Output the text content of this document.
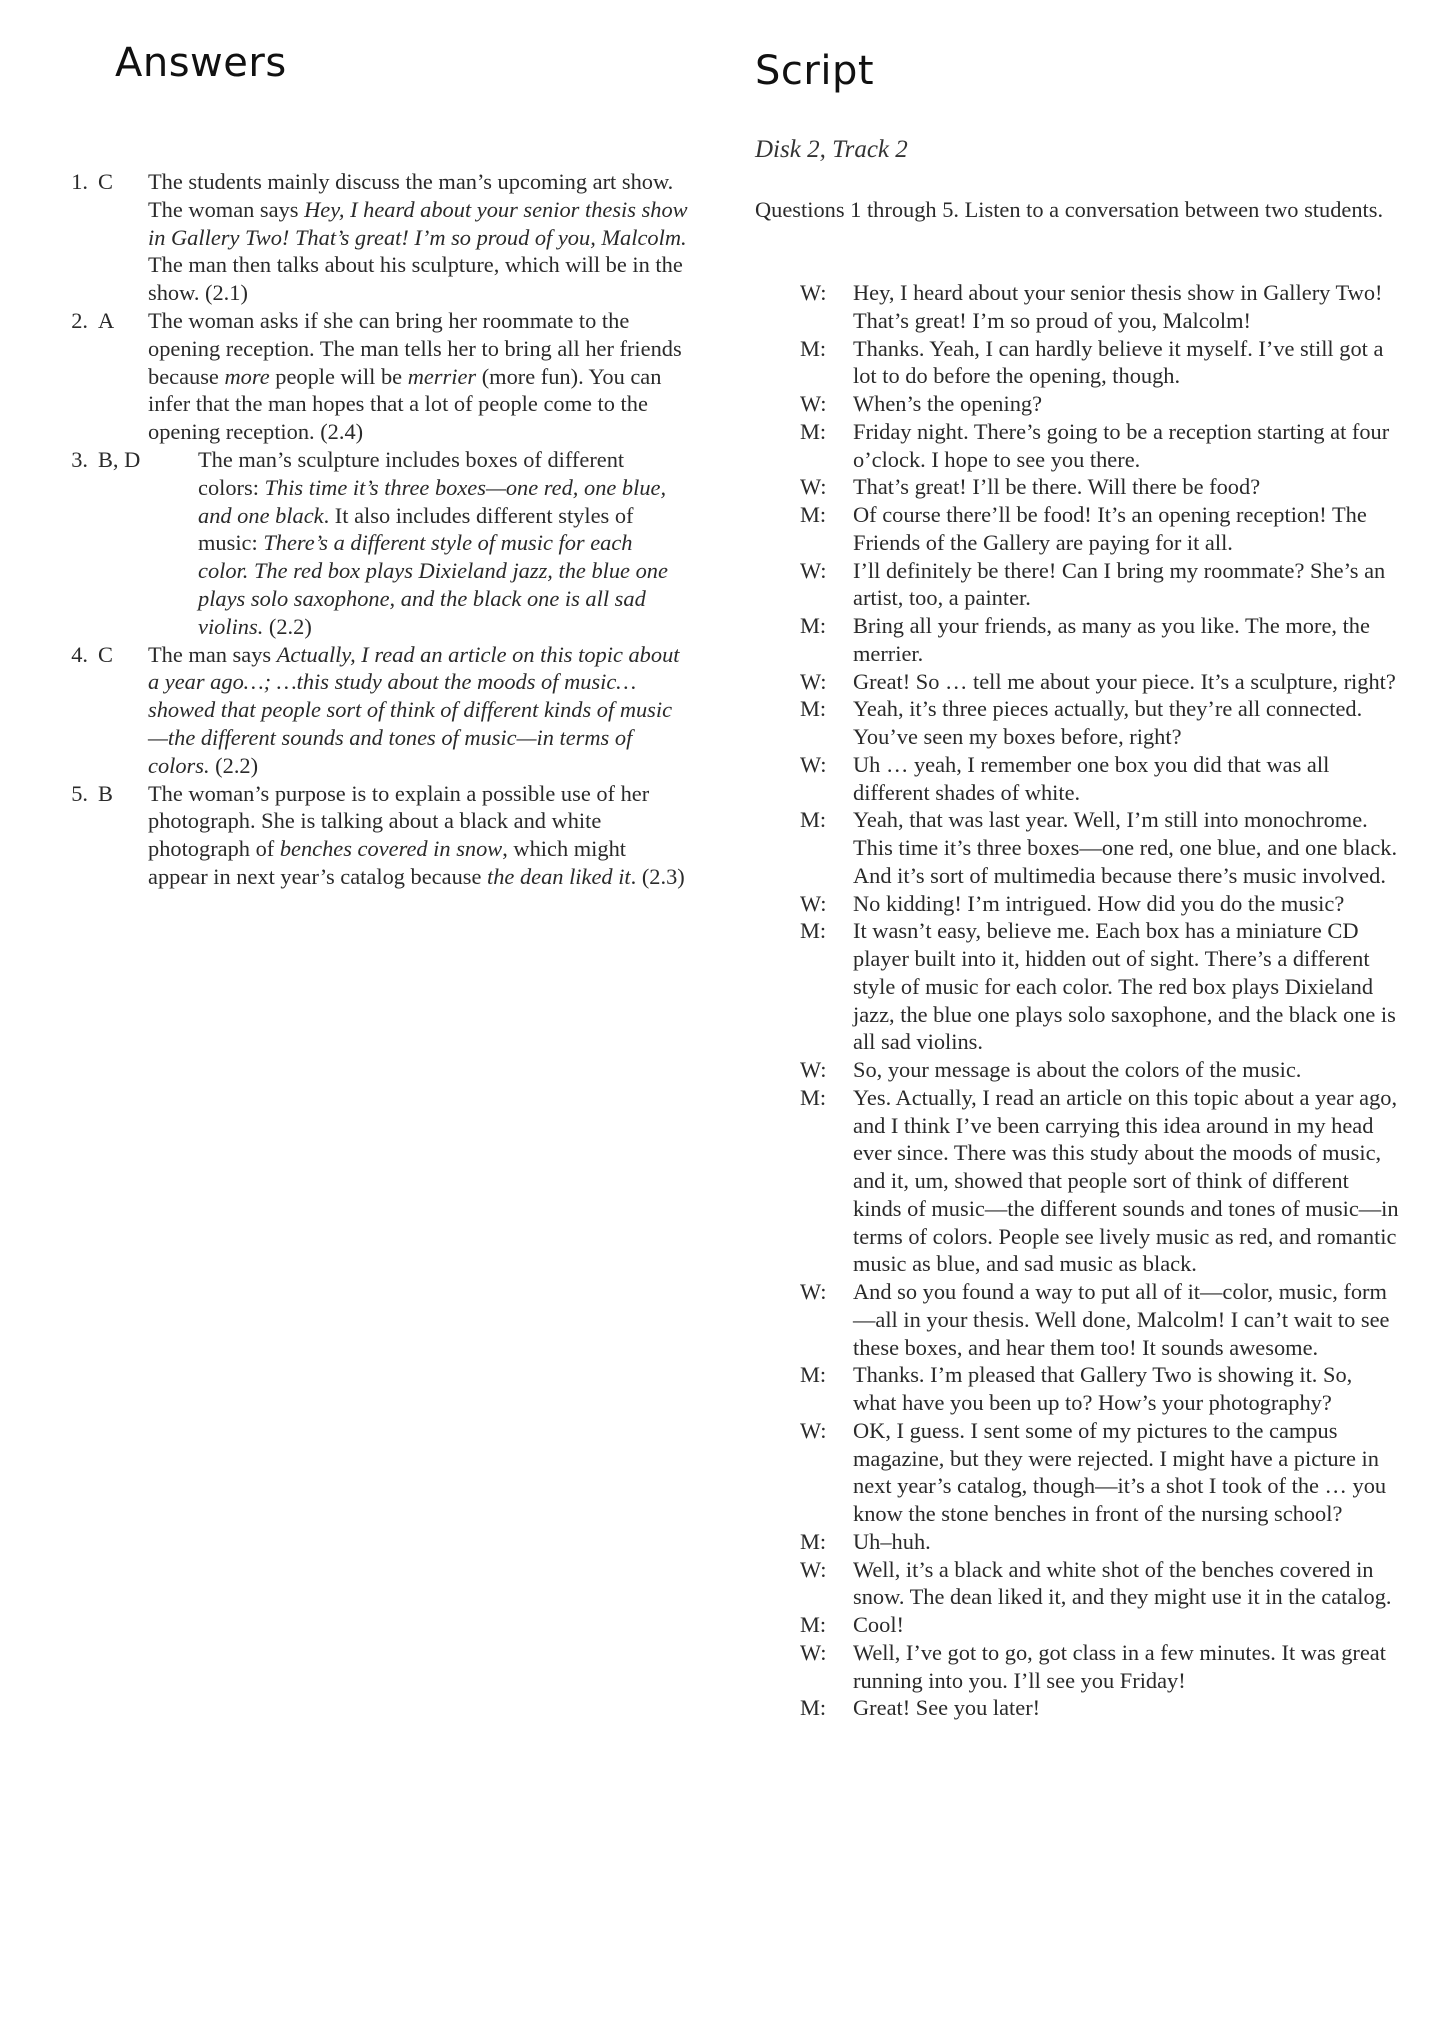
Answers	Script
1. C The students mainly discuss the man’s upcoming art show. The woman says Hey, I heard about your senior thesis show in Gallery Two! That’s great! I’m so proud of you, Malcolm. The man then talks about his sculpture, which will be in the show. (2.1)
2. A The woman asks if she can bring her roommate to the opening reception. The man tells her to bring all her friends because more people will be merrier (more fun). You can infer that the man hopes that a lot of people come to the opening reception. (2.4)
3. B, D	The man’s sculpture includes boxes of different colors: This time it’s three boxes—one red, one blue, and one black. It also includes different styles of music: There’s a different style of music for each color. The red box plays Dixieland jazz, the blue one plays solo saxophone, and the black one is all sad violins. (2.2)
4. C The man says Actually, I read an article on this topic about a year ago…; …this study about the moods of music…showed that people sort of think of different kinds of music—the different sounds and tones of music—in terms of colors. (2.2)
5. B The woman’s purpose is to explain a possible use of her photograph. She is talking about a black and white photograph of benches covered in snow, which might appear in next year’s catalog because the dean liked it. (2.3)
Disk 2, Track 2
Questions 1 through 5. Listen to a conversation between two students.
W: Hey, I heard about your senior thesis show in Gallery Two! That’s great! I’m so proud of you, Malcolm!
M: Thanks. Yeah, I can hardly believe it myself. I’ve still got a lot to do before the opening, though.
W: When’s the opening?
M: Friday night. There’s going to be a reception starting at four o’clock. I hope to see you there.
W: That’s great! I’ll be there. Will there be food?
M: Of course there’ll be food! It’s an opening reception! The Friends of the Gallery are paying for it all.
W: I’ll definitely be there! Can I bring my roommate? She’s an artist, too, a painter.
M: Bring all your friends, as many as you like. The more, the merrier.
W: Great! So … tell me about your piece. It’s a sculpture, right?
M: Yeah, it’s three pieces actually, but they’re all connected. You’ve seen my boxes before, right?
W: Uh … yeah, I remember one box you did that was all different shades of white.
M: Yeah, that was last year. Well, I’m still into monochrome. This time it’s three boxes—one red, one blue, and one black. And it’s sort of multimedia because there’s music involved.
W: No kidding! I’m intrigued. How did you do the music?
M: It wasn’t easy, believe me. Each box has a miniature CD player built into it, hidden out of sight. There’s a different style of music for each color. The red box plays Dixieland jazz, the blue one plays solo saxophone, and the black one is all sad violins.
W: So, your message is about the colors of the music.
M: Yes. Actually, I read an article on this topic about a year ago, and I think I’ve been carrying this idea around in my head ever since. There was this study about the moods of music, and it, um, showed that people sort of think of different kinds of music—the different sounds and tones of music—in terms of colors. People see lively music as red, and romantic music as blue, and sad music as black.
W: And so you found a way to put all of it—color, music, form—all in your thesis. Well done, Malcolm! I can’t wait to see these boxes, and hear them too! It sounds awesome.
M: Thanks. I’m pleased that Gallery Two is showing it. So, what have you been up to? How’s your photography?
W: OK, I guess. I sent some of my pictures to the campus magazine, but they were rejected. I might have a picture in next year’s catalog, though—it’s a shot I took of the … you know the stone benches in front of the nursing school?
M: Uh–huh.
W: Well, it’s a black and white shot of the benches covered in snow. The dean liked it, and they might use it in the catalog.
M: Cool!
W: Well, I’ve got to go, got class in a few minutes. It was great running into you. I’ll see you Friday!
M: Great! See you later!
